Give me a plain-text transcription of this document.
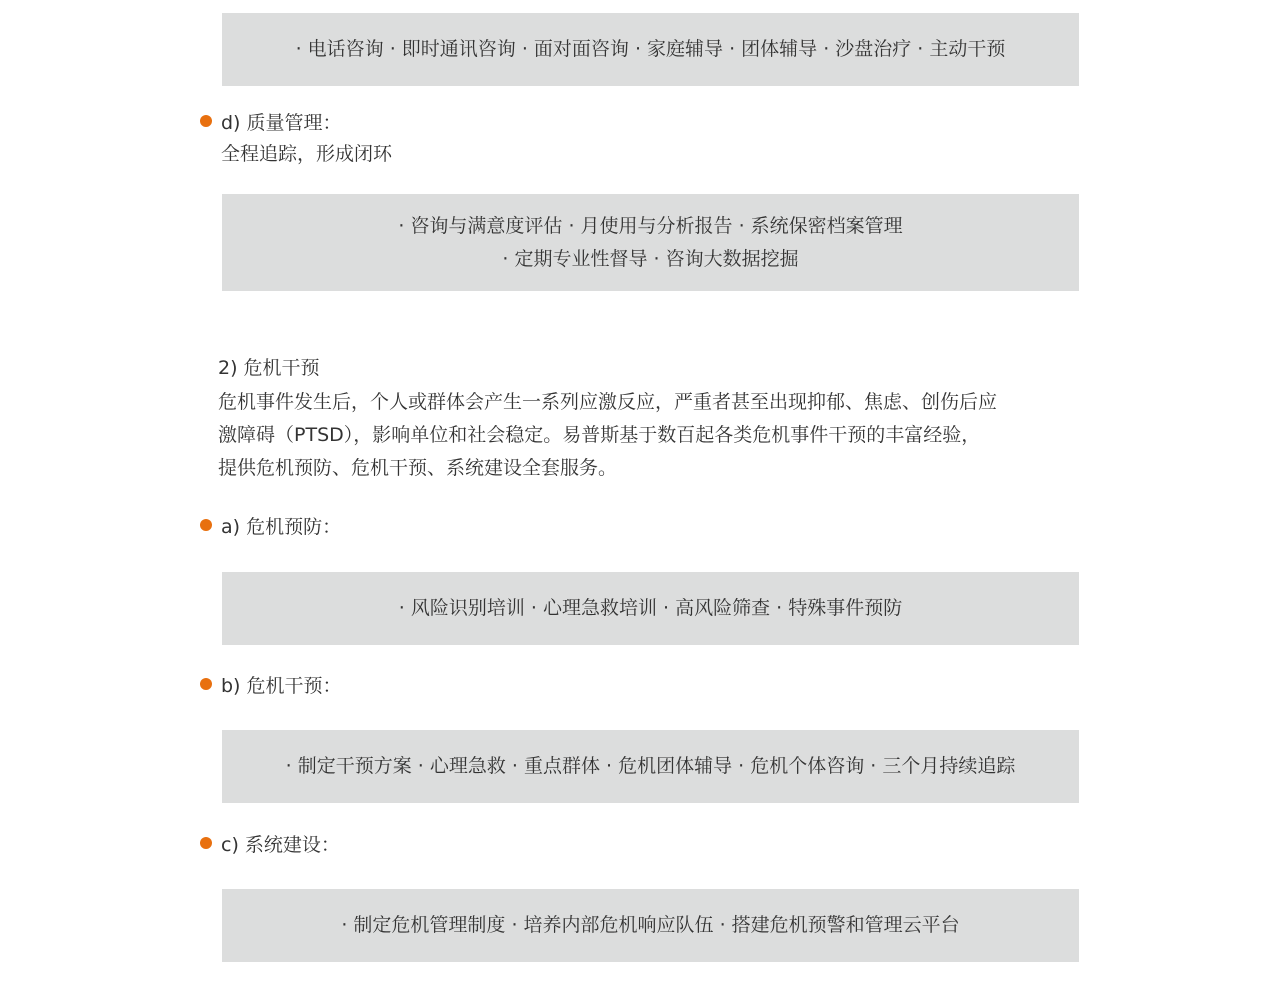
· 电话咨询 · 即时通讯咨询 · 面对面咨询 · 家庭辅导 · 团体辅导 · 沙盘治疗 · 主动干预
d) 质量管理：
全程追踪，形成闭环
· 咨询与满意度评估 · 月使用与分析报告 · 系统保密档案管理
· 定期专业性督导 · 咨询大数据挖掘
2) 危机干预
危机事件发生后，个人或群体会产生一系列应激反应，严重者甚至出现抑郁、焦虑、创伤后应
激障碍（PTSD），影响单位和社会稳定。易普斯基于数百起各类危机事件干预的丰富经验，
提供危机预防、危机干预、系统建设全套服务。
a) 危机预防：
· 风险识别培训 · 心理急救培训 · 高风险筛查 · 特殊事件预防
b) 危机干预：
· 制定干预方案 · 心理急救 · 重点群体 · 危机团体辅导 · 危机个体咨询 · 三个月持续追踪
c) 系统建设：
· 制定危机管理制度 · 培养内部危机响应队伍 · 搭建危机预警和管理云平台
